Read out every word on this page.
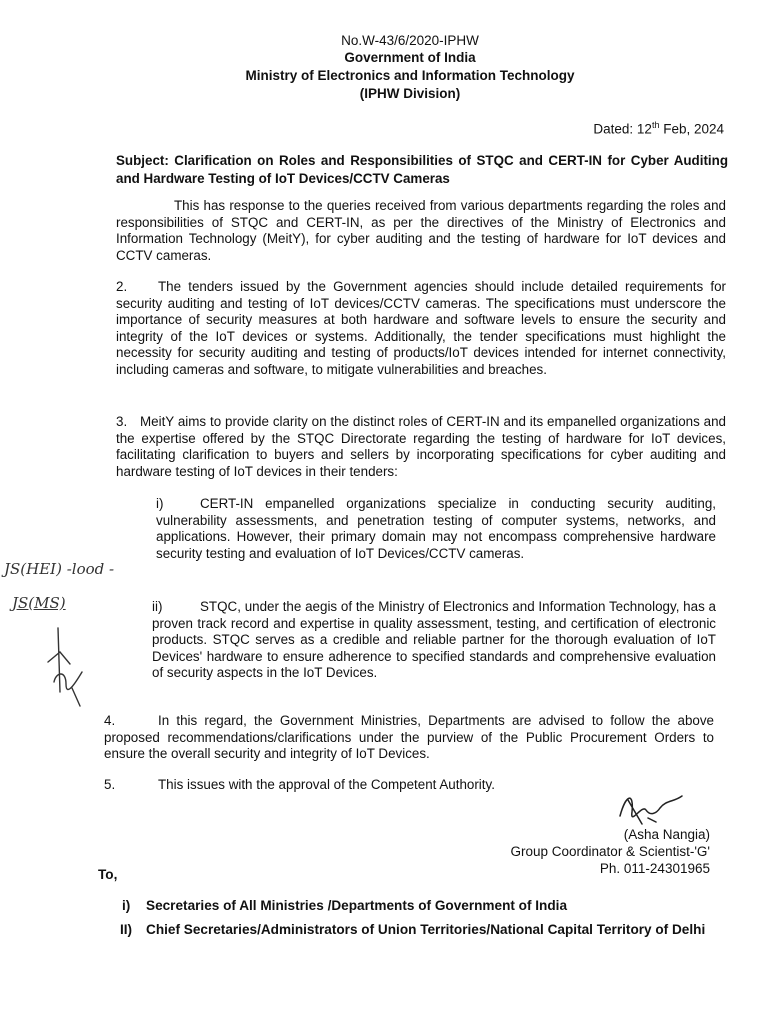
No.W-43/6/2020-IPHW
Government of India
Ministry of Electronics and Information Technology
(IPHW Division)
Dated: 12th Feb, 2024
Subject: Clarification on Roles and Responsibilities of STQC and CERT-IN for Cyber Auditing and Hardware Testing of IoT Devices/CCTV Cameras
This has response to the queries received from various departments regarding the roles and responsibilities of STQC and CERT-IN, as per the directives of the Ministry of Electronics and Information Technology (MeitY), for cyber auditing and the testing of hardware for IoT devices and CCTV cameras.
2.	The tenders issued by the Government agencies should include detailed requirements for security auditing and testing of IoT devices/CCTV cameras. The specifications must underscore the importance of security measures at both hardware and software levels to ensure the security and integrity of the IoT devices or systems. Additionally, the tender specifications must highlight the necessity for security auditing and testing of products/IoT devices intended for internet connectivity, including cameras and software, to mitigate vulnerabilities and breaches.
3. MeitY aims to provide clarity on the distinct roles of CERT-IN and its empanelled organizations and the expertise offered by the STQC Directorate regarding the testing of hardware for IoT devices, facilitating clarification to buyers and sellers by incorporating specifications for cyber auditing and hardware testing of IoT devices in their tenders:
i)	CERT-IN empanelled organizations specialize in conducting security auditing, vulnerability assessments, and penetration testing of computer systems, networks, and applications. However, their primary domain may not encompass comprehensive hardware security testing and evaluation of IoT Devices/CCTV cameras.
ii)	STQC, under the aegis of the Ministry of Electronics and Information Technology, has a proven track record and expertise in quality assessment, testing, and certification of electronic products. STQC serves as a credible and reliable partner for the thorough evaluation of IoT Devices' hardware to ensure adherence to specified standards and comprehensive evaluation of security aspects in the IoT Devices.
4.	In this regard, the Government Ministries, Departments are advised to follow the above proposed recommendations/clarifications under the purview of the Public Procurement Orders to ensure the overall security and integrity of IoT Devices.
5.	This issues with the approval of the Competent Authority.
(Asha Nangia)
Group Coordinator & Scientist-'G'
Ph. 011-24301965
To,
i) Secretaries of All Ministries /Departments of Government of India
II) Chief Secretaries/Administrators of Union Territories/National Capital Territory of Delhi
JS(HEI) -lood -
JS(MS)
